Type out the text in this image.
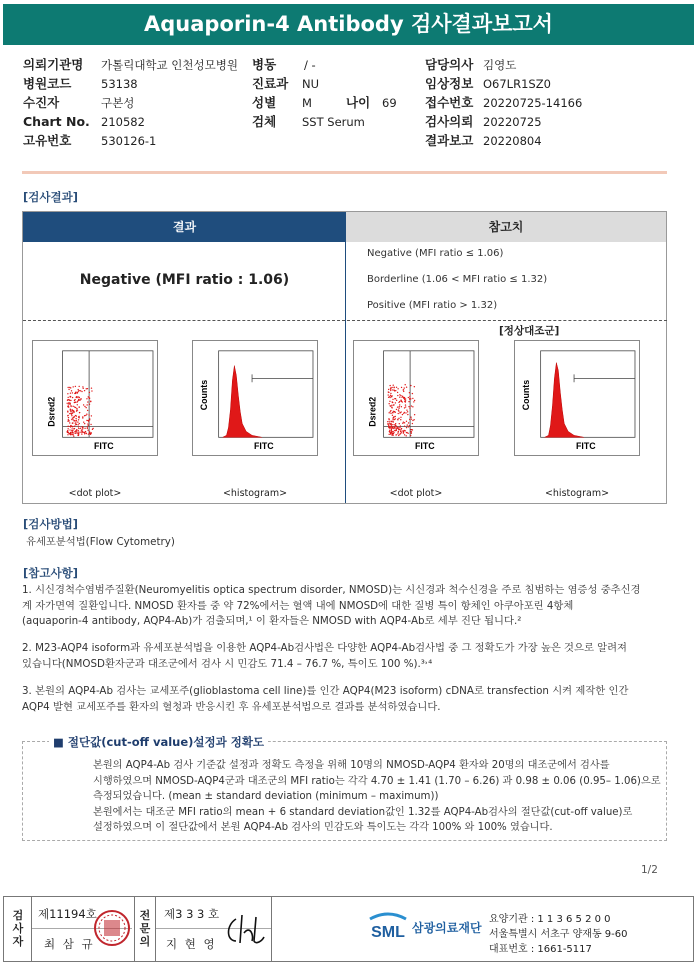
Aquaporin-4 Antibody 검사결과보고서
의뢰기관명 가톨릭대학교 인천성모병원
병원코드	53138
수진자	구본성
Chart No. 210582
고유번호	530126-1
병동 / -
진료과 NU
성별 M	나이 69
검체 SST Serum
담당의사 김영도
임상정보 O67LR1SZ0
접수번호 20220725-14166
검사의뢰 20220725
결과보고 20220804
[검사결과]
결과	참고치
Negative (MFI ratio : 1.06)
Negative (MFI ratio ≤ 1.06)
Borderline (1.06 < MFI ratio ≤ 1.32)
Positive (MFI ratio > 1.32)
[정상대조군]
Dsred2
FITC
<dot plot>
Counts
FITC
<histogram>
Dsred2
FITC
<dot plot>
Counts
FITC
<histogram>
[검사방법]
유세포분석법(Flow Cytometry)
[참고사항]
1. 시신경척수염범주질환(Neuromyelitis optica spectrum disorder, NMOSD)는 시신경과 척수신경을 주로 침범하는 염증성 중추신경
계 자가면역 질환입니다. NMOSD 환자를 중 약 72%에서는 혈액 내에 NMOSD에 대한 질병 특이 항체인 아쿠아포린 4항체
(aquaporin-4 antibody, AQP4-Ab)가 검출되며,¹ 이 환자들은 NMOSD with AQP4-Ab로 세부 진단 됩니다.²
2. M23-AQP4 isoform과 유세포분석법을 이용한 AQP4-Ab검사법은 다양한 AQP4-Ab검사법 중 그 정확도가 가장 높은 것으로 알려져
있습니다(NMOSD환자군과 대조군에서 검사 시 민감도 71.4 – 76.7 %, 특이도 100 %).³˒⁴
3. 본원의 AQP4-Ab 검사는 교세포주(glioblastoma cell line)를 인간 AQP4(M23 isoform) cDNA로 transfection 시켜 제작한 인간
AQP4 발현 교세포주를 환자의 혈청과 반응시킨 후 유세포분석법으로 결과를 분석하였습니다.
■ 절단값(cut-off value)설정과 정확도
본원의 AQP4-Ab 검사 기준값 설정과 정확도 측정을 위해 10명의 NMOSD-AQP4 환자와 20명의 대조군에서 검사를
시행하였으며 NMOSD-AQP4군과 대조군의 MFI ratio는 각각 4.70 ± 1.41 (1.70 – 6.26) 과 0.98 ± 0.06 (0.95– 1.06)으로
측정되었습니다. (mean ± standard deviation (minimum – maximum))
본원에서는 대조군 MFI ratio의 mean + 6 standard deviation값인 1.32를 AQP4-Ab검사의 절단값(cut-off value)로
설정하였으며 이 절단값에서 본원 AQP4-Ab 검사의 민감도와 특이도는 각각 100% 와 100% 였습니다.
1/2
검사자
제11194호
최 삼 규
전문의
제3 3 3 호
지 현 영
SML 삼광의료재단
요양기관 : 1 1 3 6 5 2 0 0
서울특별시 서초구 양재동 9-60
대표번호 : 1661-5117
